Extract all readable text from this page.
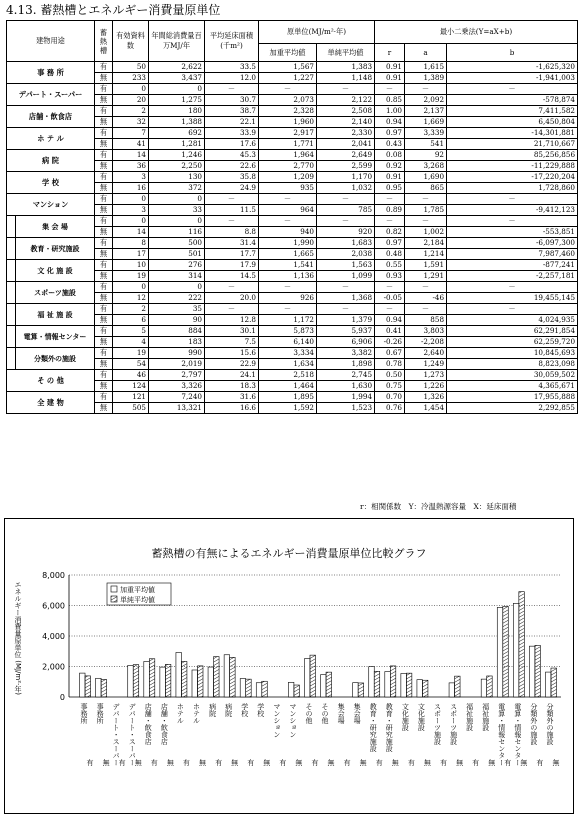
4.13. 蓄熱槽とエネルギー消費量原単位
建物用途	蓄熱槽	有効資料数	年間総消費量百万MJ/年	平均延床面積(千m²)	原単位(MJ/m²·年)		最小二乗法(Y=aX+b)		
					加重平均値	単純平均値	r	a	b
事 務 所	有	50	2,622	33.5	1,567	1,383	0.91	1,615	-1,625,320
	無	233	3,437	12.0	1,227	1,148	0.91	1,389	-1,941,003
デパート・スーパー	有	0	0	－	－	－	－	－	－
	無	20	1,275	30.7	2,073	2,122	0.85	2,092	-578,874
店舗・飲食店	有	2	180	38.7	2,328	2,508	1.00	2,137	7,411,582
	無	32	1,388	22.1	1,960	2,140	0.94	1,669	6,450,804
ホ テ ル	有	7	692	33.9	2,917	2,330	0.97	3,339	-14,301,881
	無	41	1,281	17.6	1,771	2,041	0.43	541	21,710,667
病 院	有	14	1,246	45.3	1,964	2,649	0.08	92	85,256,856
	無	36	2,250	22.6	2,770	2,599	0.92	3,268	-11,229,888
学 校	有	3	130	35.8	1,209	1,170	0.91	1,690	-17,220,204
	無	16	372	24.9	935	1,032	0.95	865	1,728,860
マンション	有	0	0	－	－	－	－	－	－
	無	3	33	11.5	964	785	0.89	1,785	-9,412,123
集 会 場	有	0	0	－	－	－	－	－	－
	無	14	116	8.8	940	920	0.82	1,002	-553,851
教育・研究施設	有	8	500	31.4	1,990	1,683	0.97	2,184	-6,097,300
	無	17	501	17.7	1,665	2,038	0.48	1,214	7,987,460
文 化 施 設	有	10	276	17.9	1,541	1,563	0.55	1,591	-877,241
	無	19	314	14.5	1,136	1,099	0.93	1,291	-2,257,181
スポーツ施設	有	0	0	－	－	－	－	－	－
	無	12	222	20.0	926	1,368	-0.05	-46	19,455,145
福 祉 施 設	有	2	35	－	－	－	－	－	－
	無	6	90	12.8	1,172	1,379	0.94	858	4,024,935
電算・情報センター	有	5	884	30.1	5,873	5,937	0.41	3,803	62,291,854
	無	4	183	7.5	6,140	6,906	-0.26	-2,208	62,259,720
分類外の施設	有	19	990	15.6	3,334	3,382	0.67	2,640	10,845,693
	無	54	2,019	22.9	1,634	1,898	0.78	1,249	8,823,098
そ の 他	有	46	2,797	24.1	2,518	2,745	0.50	1,273	30,059,502
	無	124	3,326	18.3	1,464	1,630	0.75	1,226	4,365,671
全 建 物	有	121	7,240	31.6	1,895	1,994	0.70	1,326	17,955,888
	無	505	13,321	16.6	1,592	1,523	0.76	1,454	2,292,855
r：相関係数　Y：冷温熱源容量　X：延床面積
蓄熱槽の有無によるエネルギー消費量原単位比較グラフ
エネルギー消費量原単位 (MJ/m²·年)
0
2,000
4,000
6,000
8,000
加重平均値
単純平均値
事務所
有
事務所
無 デパート・スーパー
有 デパート・スーパー
無
店舗・飲食店
有
店舗・飲食店
無
ホテル
有
ホテル
無
病院
有
病院
無
学校
有
学校
無
マンション
有
マンション
無
その他
有
その他
無
集会場
有
集会場
無
教育・研究施設
有
教育・研究施設
無
文化施設
有
文化施設
無
スポーツ施設
有
スポーツ施設
無
福祉施設
有
福祉施設
無 電算・情報センター
有 電算・情報センター
無
分類外の施設
有
分類外の施設
無
